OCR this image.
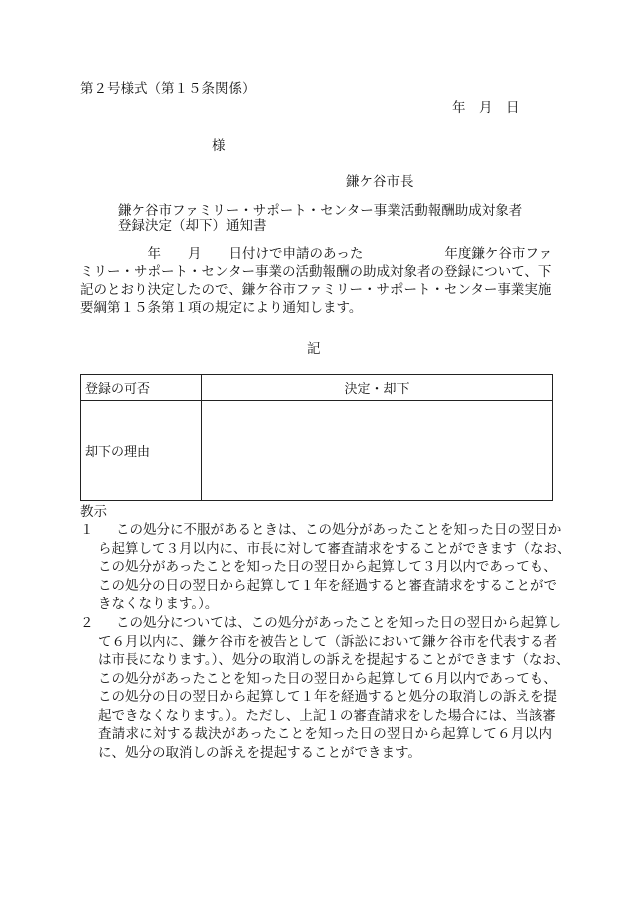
第２号様式（第１５条関係）
年　月　日
様
鎌ケ谷市長
鎌ケ谷市ファミリー・サポート・センター事業活動報酬助成対象者
登録決定（却下）通知書
　　　　　年　　月　　日付けで申請のあった　　　　　　年度鎌ケ谷市ファ
ミリー・サポート・センター事業の活動報酬の助成対象者の登録について、下
記のとおり決定したので、鎌ケ谷市ファミリー・サポート・センター事業実施
要綱第１５条第１項の規定により通知します。
記
登録の可否	決定・却下
却下の理由	
教示
１	この処分に不服があるときは、この処分があったことを知った日の翌日か
ら起算して３月以内に、市長に対して審査請求をすることができます（なお、
この処分があったことを知った日の翌日から起算して３月以内であっても、
この処分の日の翌日から起算して１年を経過すると審査請求をすることがで
きなくなります。）。
２	この処分については、この処分があったことを知った日の翌日から起算し
て６月以内に、鎌ケ谷市を被告として（訴訟において鎌ケ谷市を代表する者
は市長になります。）、処分の取消しの訴えを提起することができます（なお、
この処分があったことを知った日の翌日から起算して６月以内であっても、
この処分の日の翌日から起算して１年を経過すると処分の取消しの訴えを提
起できなくなります。）。ただし、上記１の審査請求をした場合には、当該審
査請求に対する裁決があったことを知った日の翌日から起算して６月以内
に、処分の取消しの訴えを提起することができます。
